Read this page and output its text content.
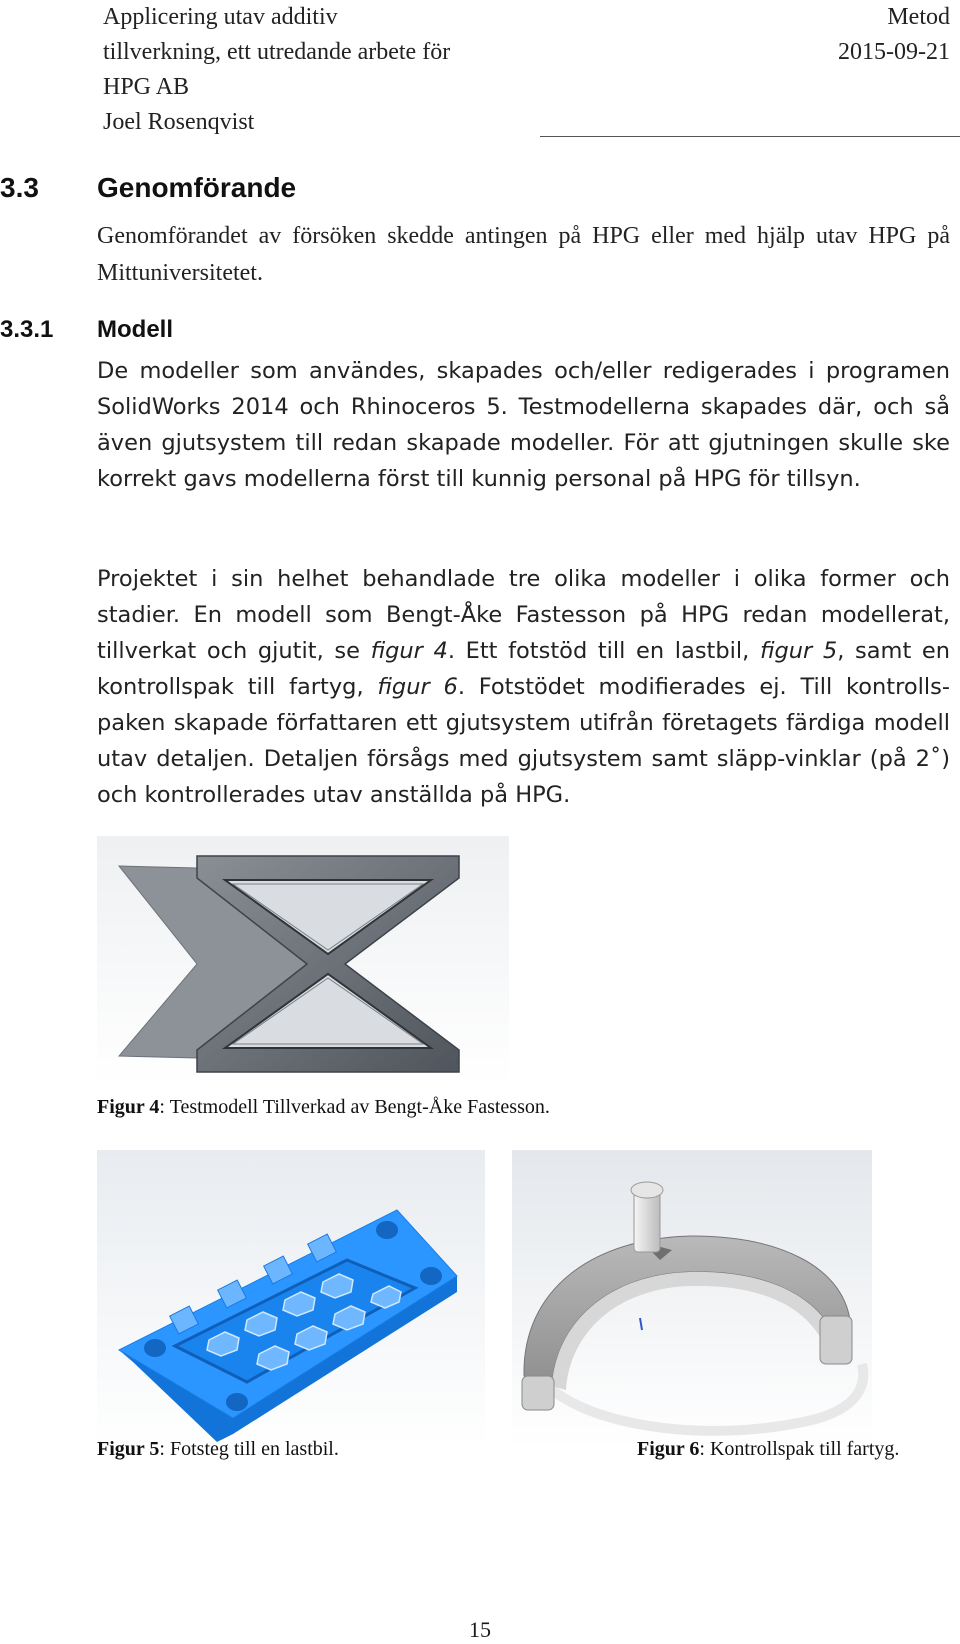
Applicering utav additiv
tillverkning, ett utredande arbete för
HPG AB
Joel Rosenqvist
Metod
2015-09-21
3.3 Genomförande
Genomförandet av försöken skedde antingen på HPG eller med hjälp utav HPG på Mittuniversitetet.
3.3.1 Modell
De modeller som användes, skapades och/eller redigerades i programen SolidWorks 2014 och Rhinoceros 5. Testmodellerna skapades där, och så även gjutsystem till redan skapade modeller. För att gjutningen skulle ske korrekt gavs modellerna först till kunnig personal på HPG för tillsyn.
Projektet i sin helhet behandlade tre olika modeller i olika former och stadier. En modell som Bengt-Åke Fastesson på HPG redan modellerat, tillverkat och gjutit, se figur 4. Ett fotstöd till en lastbil, figur 5, samt en kontrollspak till fartyg, figur 6. Fotstödet modifierades ej. Till kontrolls-paken skapade författaren ett gjutsystem utifrån företagets färdiga modell utav detaljen. Detaljen försågs med gjutsystem samt släpp-vinklar (på 2˚) och kontrollerades utav anställda på HPG.
Figur 4: Testmodell Tillverkad av Bengt-Åke Fastesson.
Figur 5: Fotsteg till en lastbil.	Figur 6: Kontrollspak till fartyg.
15
